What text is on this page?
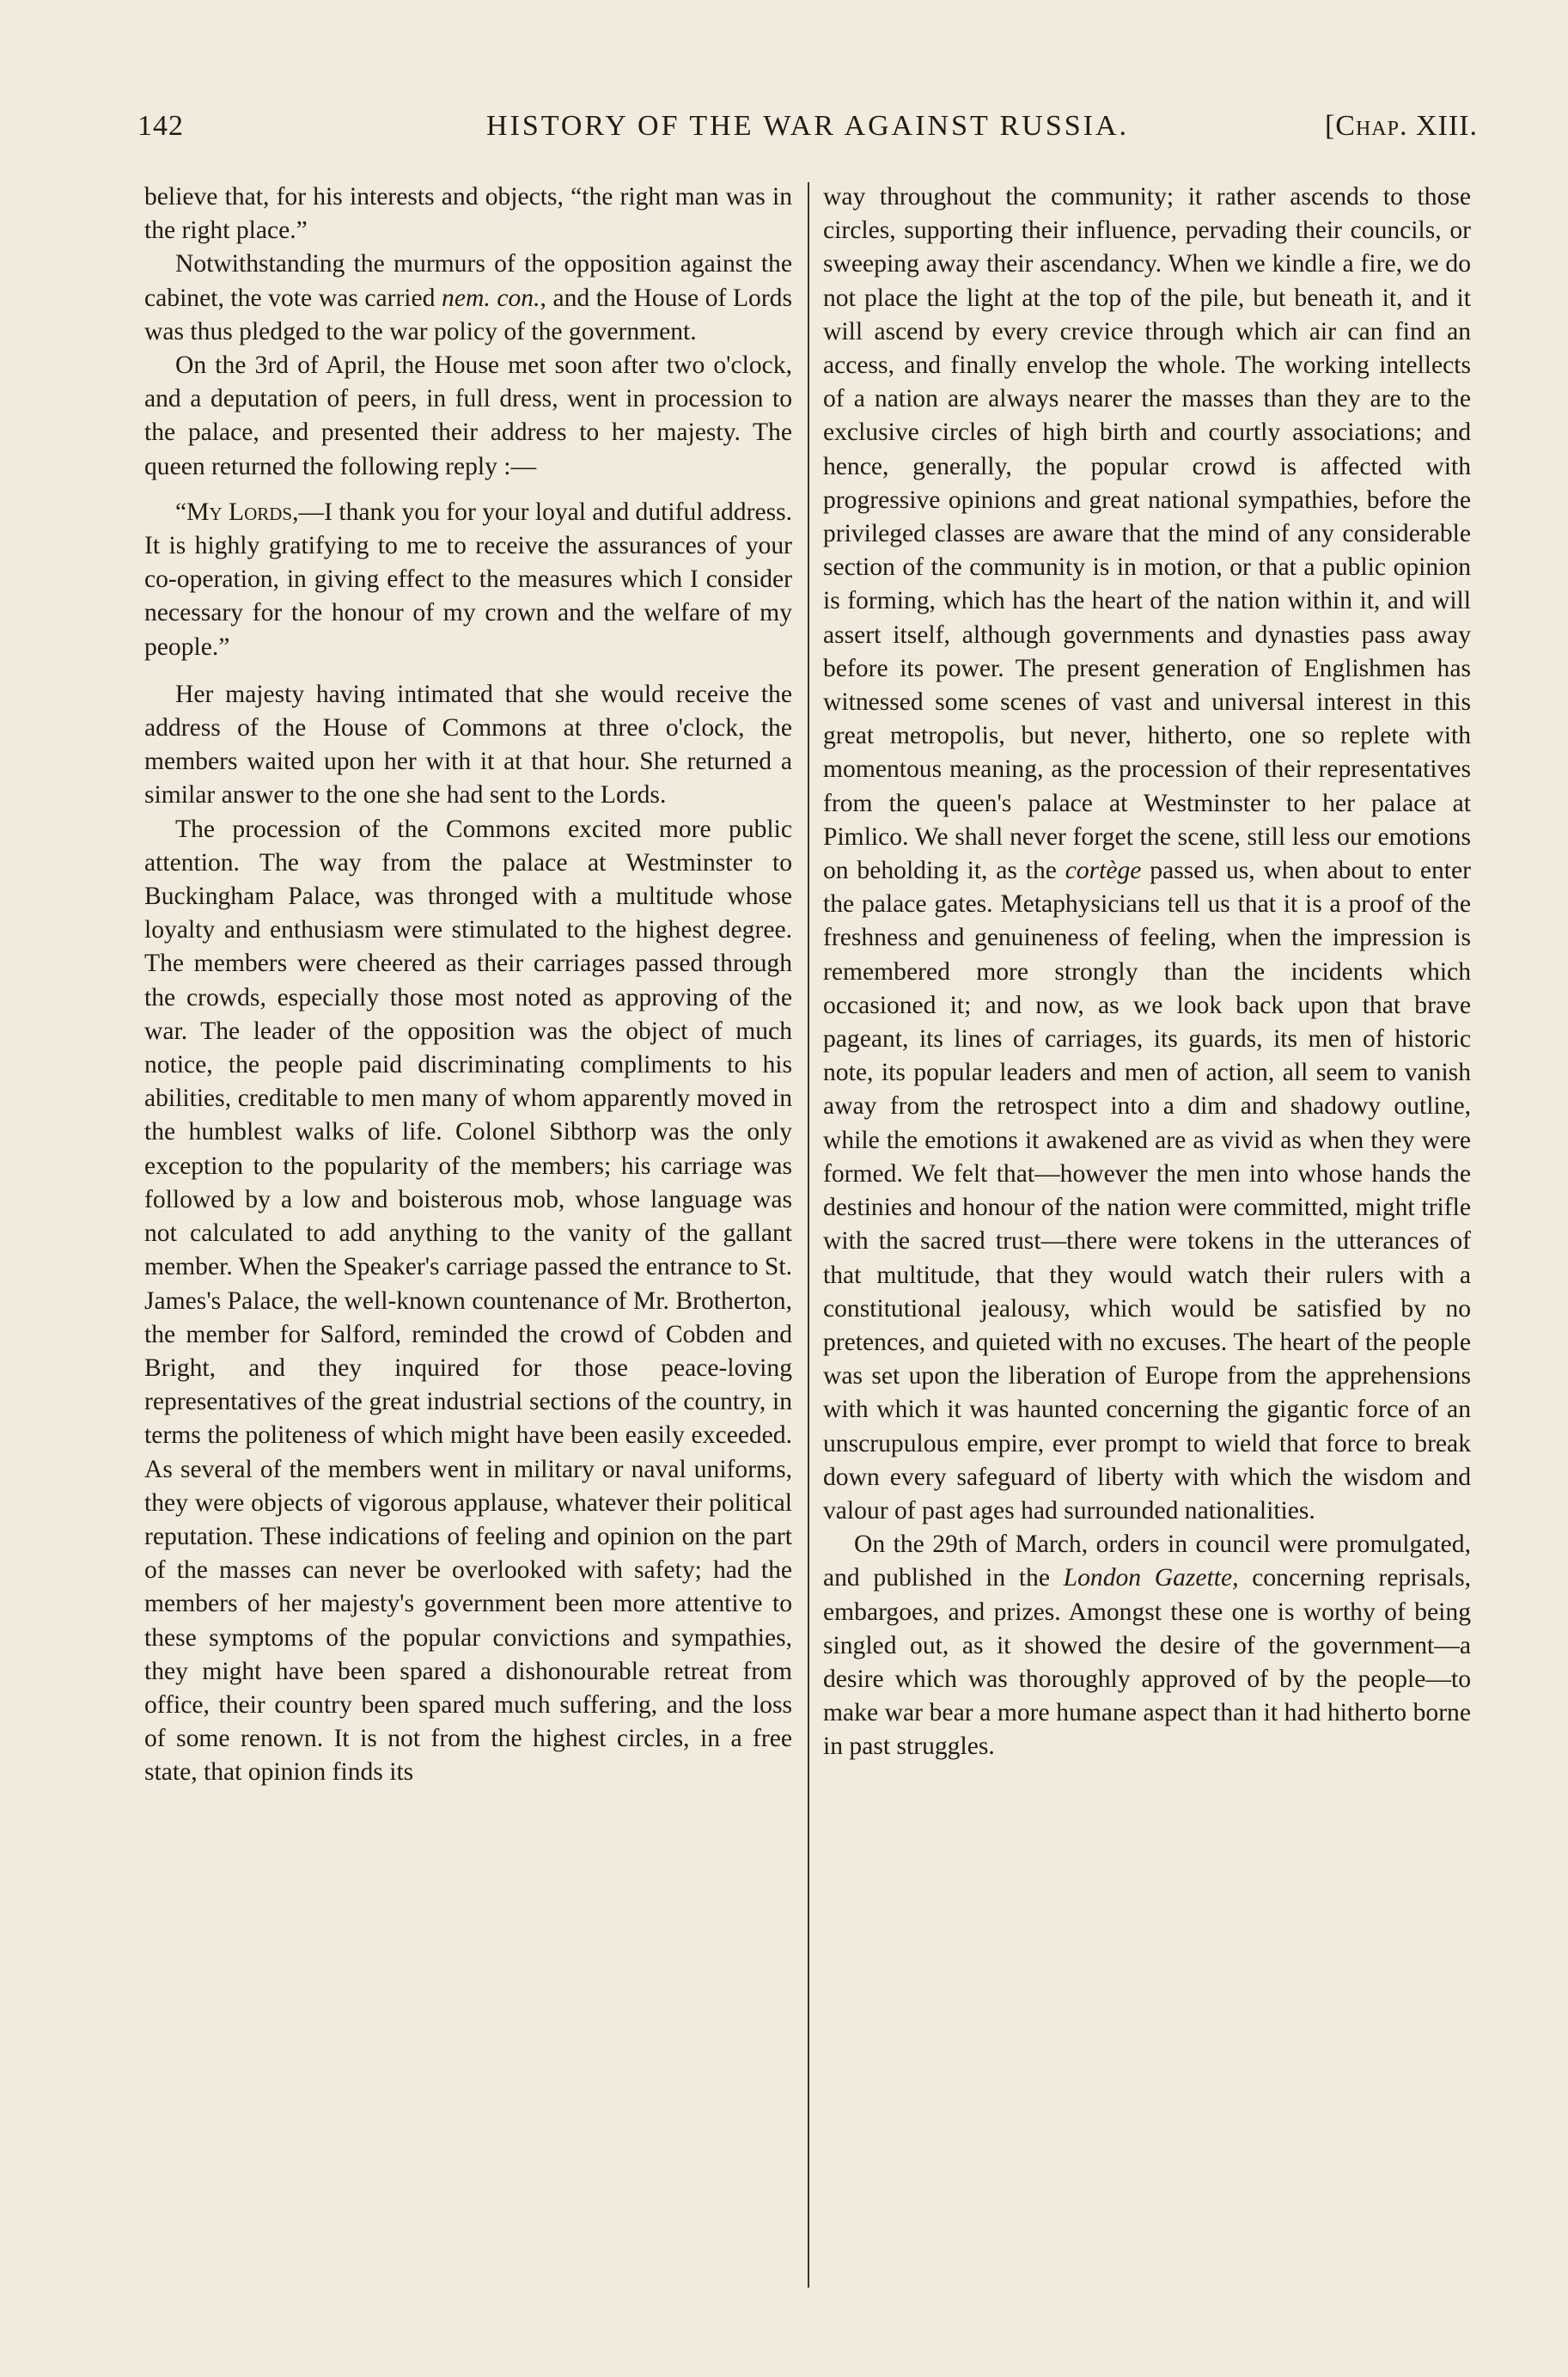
142	HISTORY OF THE WAR AGAINST RUSSIA.	[Chap. XIII.

believe that, for his interests and objects, “the right man was in the right place.”

Notwithstanding the murmurs of the opposition against the cabinet, the vote was carried nem. con., and the House of Lords was thus pledged to the war policy of the government.

On the 3rd of April, the House met soon after two o'clock, and a deputation of peers, in full dress, went in procession to the palace, and presented their address to her majesty. The queen returned the following reply :—

“My Lords,—I thank you for your loyal and dutiful address. It is highly gratifying to me to receive the assurances of your co-operation, in giving effect to the measures which I consider necessary for the honour of my crown and the welfare of my people.”

Her majesty having intimated that she would receive the address of the House of Commons at three o'clock, the members waited upon her with it at that hour. She returned a similar answer to the one she had sent to the Lords.

The procession of the Commons excited more public attention. The way from the palace at Westminster to Buckingham Palace, was thronged with a multitude whose loyalty and enthusiasm were stimulated to the highest degree. The members were cheered as their carriages passed through the crowds, especially those most noted as approving of the war. The leader of the opposition was the object of much notice, the people paid discriminating compliments to his abilities, creditable to men many of whom apparently moved in the humblest walks of life. Colonel Sibthorp was the only exception to the popularity of the members; his carriage was followed by a low and boisterous mob, whose language was not calculated to add anything to the vanity of the gallant member. When the Speaker's carriage passed the entrance to St. James's Palace, the well-known countenance of Mr. Brotherton, the member for Salford, reminded the crowd of Cobden and Bright, and they inquired for those peace-loving representatives of the great industrial sections of the country, in terms the politeness of which might have been easily exceeded. As several of the members went in military or naval uniforms, they were objects of vigorous applause, whatever their political reputation. These indications of feeling and opinion on the part of the masses can never be overlooked with safety; had the members of her majesty's government been more attentive to these symptoms of the popular convictions and sympathies, they might have been spared a dishonourable retreat from office, their country been spared much suffering, and the loss of some renown. It is not from the highest circles, in a free state, that opinion finds its

way throughout the community; it rather ascends to those circles, supporting their influence, pervading their councils, or sweeping away their ascendancy. When we kindle a fire, we do not place the light at the top of the pile, but beneath it, and it will ascend by every crevice through which air can find an access, and finally envelop the whole. The working intellects of a nation are always nearer the masses than they are to the exclusive circles of high birth and courtly associations; and hence, generally, the popular crowd is affected with progressive opinions and great national sympathies, before the privileged classes are aware that the mind of any considerable section of the community is in motion, or that a public opinion is forming, which has the heart of the nation within it, and will assert itself, although governments and dynasties pass away before its power. The present generation of Englishmen has witnessed some scenes of vast and universal interest in this great metropolis, but never, hitherto, one so replete with momentous meaning, as the procession of their representatives from the queen's palace at Westminster to her palace at Pimlico. We shall never forget the scene, still less our emotions on beholding it, as the cortège passed us, when about to enter the palace gates. Metaphysicians tell us that it is a proof of the freshness and genuineness of feeling, when the impression is remembered more strongly than the incidents which occasioned it; and now, as we look back upon that brave pageant, its lines of carriages, its guards, its men of historic note, its popular leaders and men of action, all seem to vanish away from the retrospect into a dim and shadowy outline, while the emotions it awakened are as vivid as when they were formed. We felt that—however the men into whose hands the destinies and honour of the nation were committed, might trifle with the sacred trust—there were tokens in the utterances of that multitude, that they would watch their rulers with a constitutional jealousy, which would be satisfied by no pretences, and quieted with no excuses. The heart of the people was set upon the liberation of Europe from the apprehensions with which it was haunted concerning the gigantic force of an unscrupulous empire, ever prompt to wield that force to break down every safeguard of liberty with which the wisdom and valour of past ages had surrounded nationalities.

On the 29th of March, orders in council were promulgated, and published in the London Gazette, concerning reprisals, embargoes, and prizes. Amongst these one is worthy of being singled out, as it showed the desire of the government—a desire which was thoroughly approved of by the people—to make war bear a more humane aspect than it had hitherto borne in past struggles.
